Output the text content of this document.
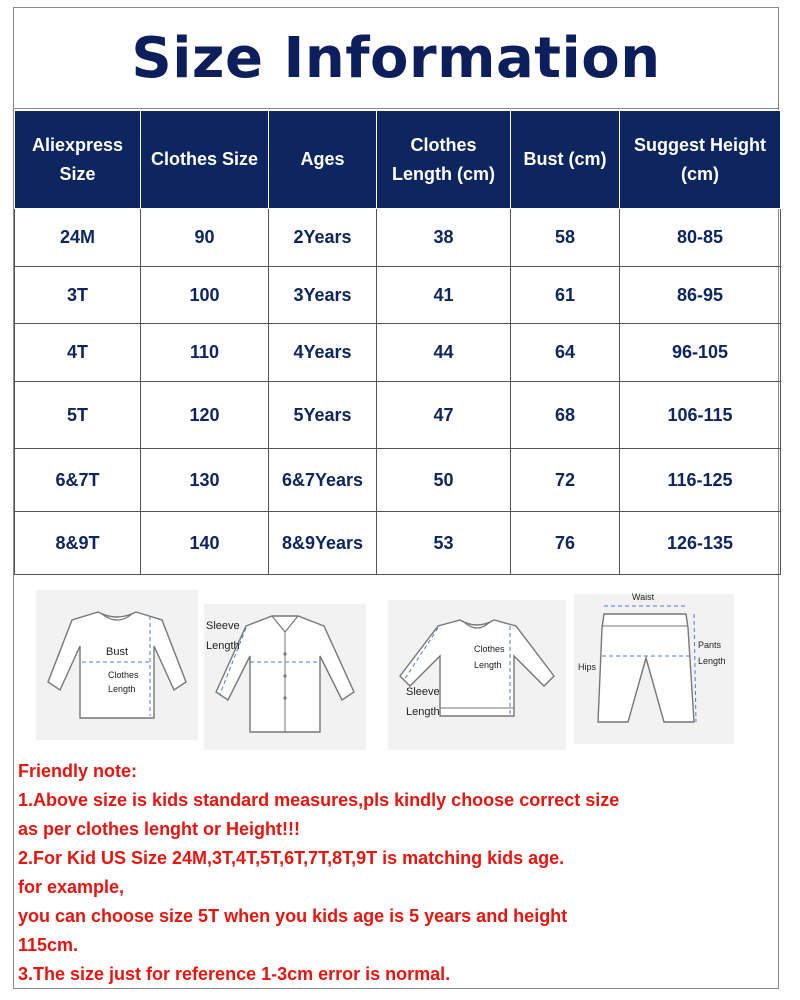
Size Information
Aliexpress Size	Clothes Size	Ages	Clothes Length (cm)	Bust (cm)	Suggest Height (cm)
24M	90	2Years	38	58	80-85
3T	100	3Years	41	61	86-95
4T	110	4Years	44	64	96-105
5T	120	5Years	47	68	106-115
6&7T	130	6&7Years	50	72	116-125
8&9T	140	8&9Years	53	76	126-135
Bust
Clothes
Length
Sleeve
Length	Clothes
Length
Sleeve
Length
Waist
Hips
Pants
Length
Friendly note:
1.Above size is kids standard measures,pls kindly choose correct size
as per clothes lenght or Height!!!
2.For Kid US Size 24M,3T,4T,5T,6T,7T,8T,9T is matching kids age.
for example,
you can choose size 5T when you kids age is 5 years and height
115cm.
3.The size just for reference 1-3cm error is normal.
